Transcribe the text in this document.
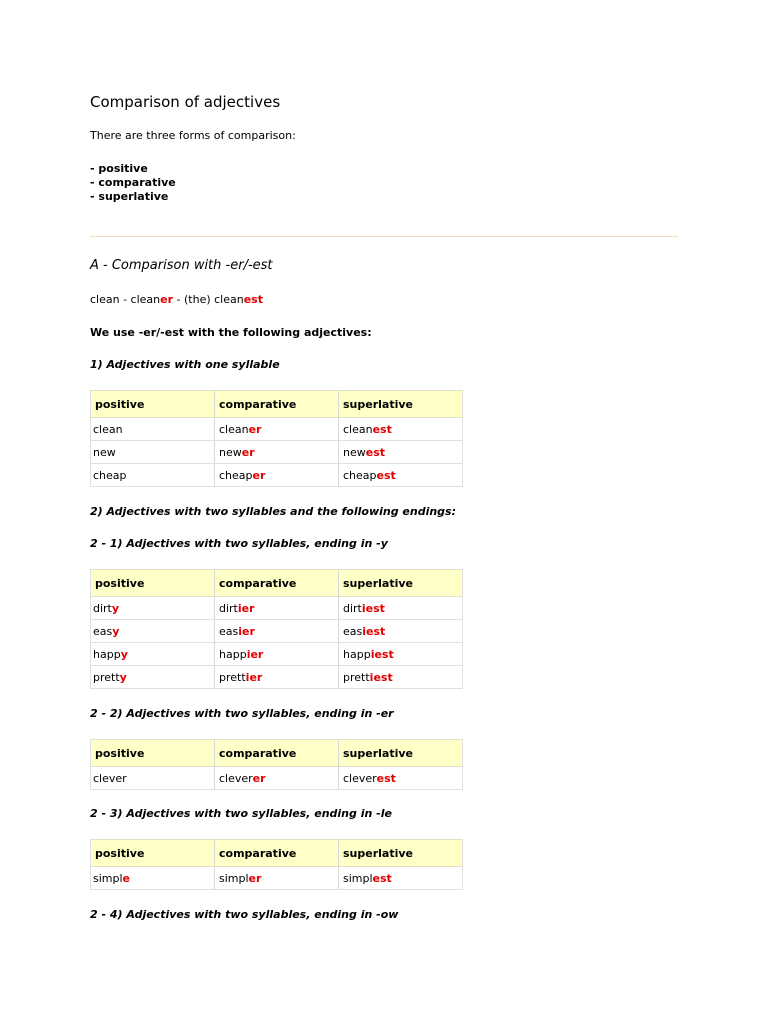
Comparison of adjectives
There are three forms of comparison:
- positive
- comparative
- superlative
A - Comparison with -er/-est
clean - cleaner - (the) cleanest
We use -er/-est with the following adjectives:
1) Adjectives with one syllable
positive	comparative	superlative
clean	cleaner	cleanest
new	newer	newest
cheap	cheaper	cheapest
2) Adjectives with two syllables and the following endings:
2 - 1) Adjectives with two syllables, ending in -y
positive	comparative	superlative
dirty	dirtier	dirtiest
easy	easier	easiest
happy	happier	happiest
pretty	prettier	prettiest
2 - 2) Adjectives with two syllables, ending in -er
positive	comparative	superlative
clever	cleverer	cleverest
2 - 3) Adjectives with two syllables, ending in -le
positive	comparative	superlative
simple	simpler	simplest
2 - 4) Adjectives with two syllables, ending in -ow
